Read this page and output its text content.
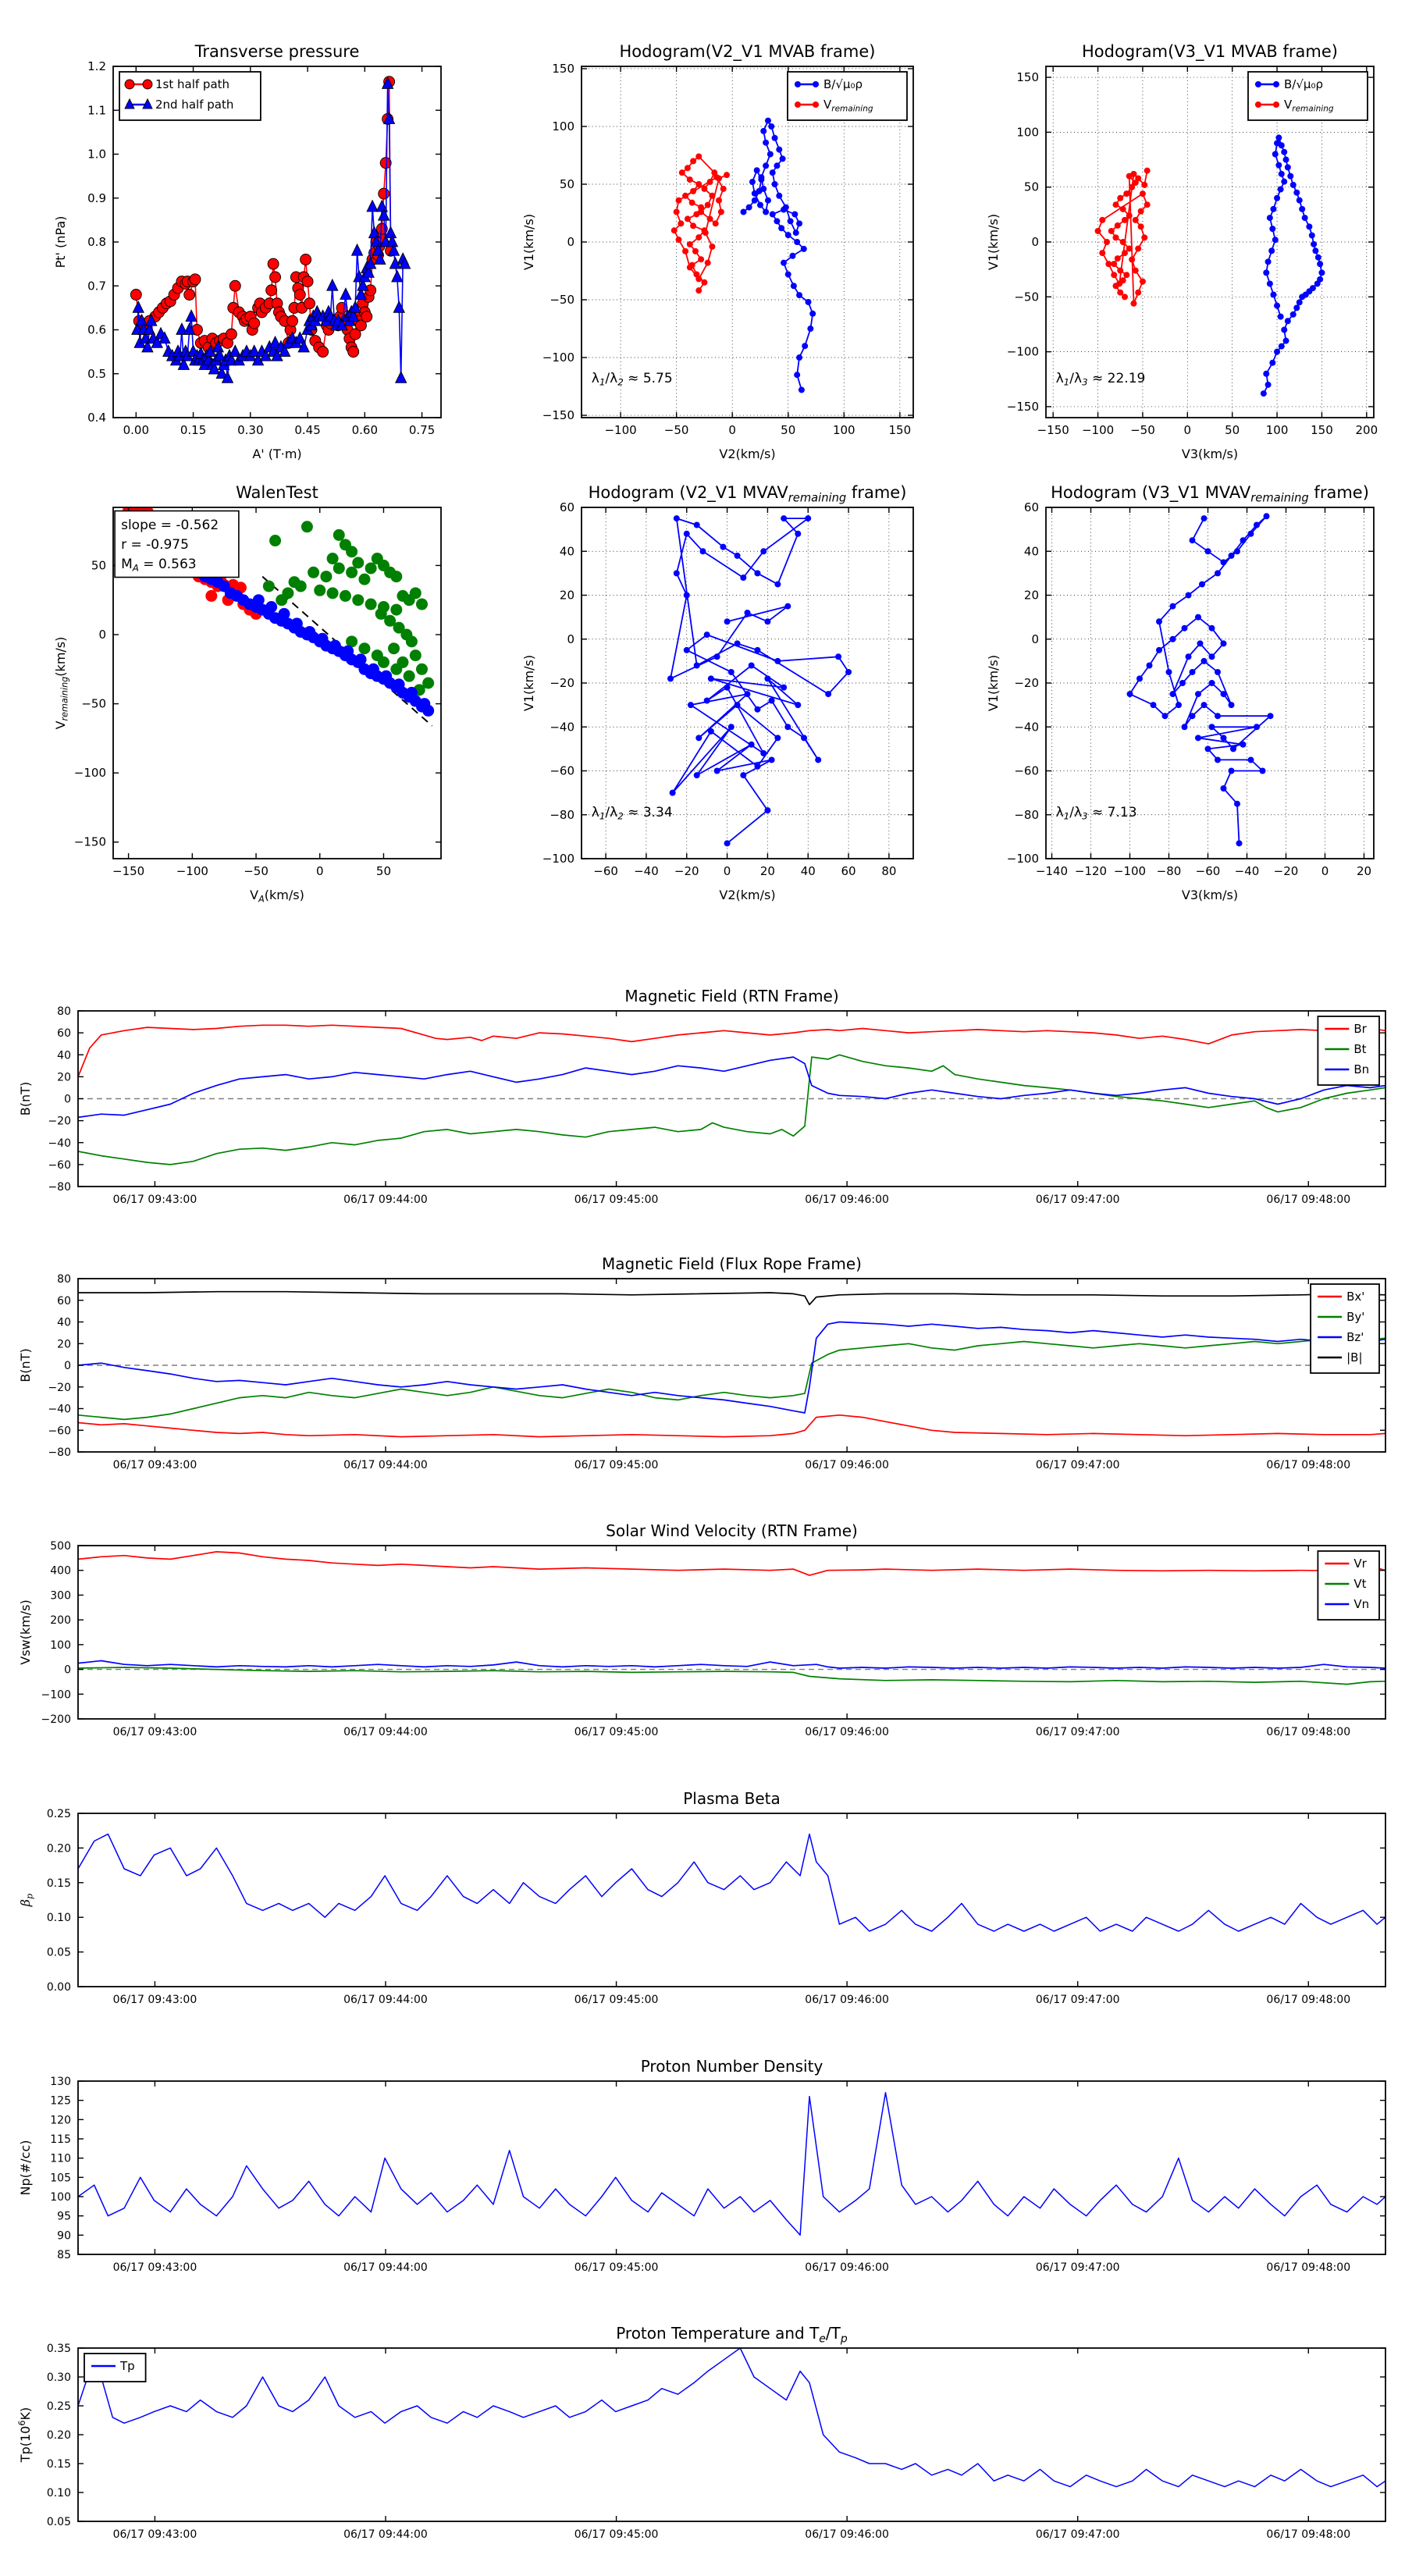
0.00	0.15	0.30	0.45	0.60	0.75
0.4
0.5
0.6
0.7
0.8
0.9
1.0
1.1
1.2
Transverse pressure
A' (T·m)
Pt' (nPa)
1st half path
2nd half path
−100 −50	0	50	100	150
−150
−100
−50
0
50
100
150
Hodogram(V2_V1 MVAB frame)
V2(km/s)
V1(km/s)
$\lambda_1/\lambda_2 \approx 5.75$
B/√μ₀ρ
$V_{remaining}$
−150 −100 −50 0	50 100 150 200
−150
−100
−50
0
50
100
150
Hodogram(V3_V1 MVAB frame)
V3(km/s)
V1(km/s)
$\lambda_1/\lambda_3 \approx 22.19$
B/√μ₀ρ
$V_{remaining}$
−150	−100	−50	0	50
−150
−100
−50
0
50
WalenTest
$V_A(km/s)$
$V_{remaining}(km/s)$
slope = -0.562
r = -0.975
$M_A = 0.563$
−60 −40 −20 0	20 40 60 80
−100
−80
−60
−40
−20
0
20
40
60
Hodogram (V2_V1 $MVAV_{remaining}$ frame)
V2(km/s)
V1(km/s)
$\lambda_1/\lambda_2 \approx 3.34$
−140 −120 −100 −80 −60 −40 −20 0 20
−100
−80
−60
−40
−20
0
20
40
60
Hodogram (V3_V1 $MVAV_{remaining}$ frame)
V3(km/s)
V1(km/s)
$\lambda_1/\lambda_3 \approx 7.13$
06/17 09:43:00	06/17 09:44:00	06/17 09:45:00	06/17 09:46:00	06/17 09:47:00	06/17 09:48:00
−80
−60
−40
−20
0
20
40
60
80
Magnetic Field (RTN Frame)
B(nT)
Br
Bt
Bn
06/17 09:43:00	06/17 09:44:00	06/17 09:45:00	06/17 09:46:00	06/17 09:47:00	06/17 09:48:00
−80
−60
−40
−20
0
20
40
60
80
Magnetic Field (Flux Rope Frame)
B(nT)
Bx'
By'
Bz'
|B|
06/17 09:43:00	06/17 09:44:00	06/17 09:45:00	06/17 09:46:00	06/17 09:47:00	06/17 09:48:00
−200
−100
0
100
200
300
400
500
Solar Wind Velocity (RTN Frame)
Vsw(km/s)
Vr
Vt
Vn
06/17 09:43:00	06/17 09:44:00	06/17 09:45:00	06/17 09:46:00	06/17 09:47:00	06/17 09:48:00
0.00
0.05
0.10
0.15
0.20
0.25
Plasma Beta
$\beta_p$
06/17 09:43:00	06/17 09:44:00	06/17 09:45:00	06/17 09:46:00	06/17 09:47:00	06/17 09:48:00
85
90
95
100
105
110
115
120
125
130
Proton Number Density
Np(#/cc)
06/17 09:43:00	06/17 09:44:00	06/17 09:45:00	06/17 09:46:00	06/17 09:47:00	06/17 09:48:00
0.05
0.10
0.15
0.20
0.25
0.30
0.35
Proton Temperature and $T_e/T_p$
$Tp(10^6K)$
Tp
